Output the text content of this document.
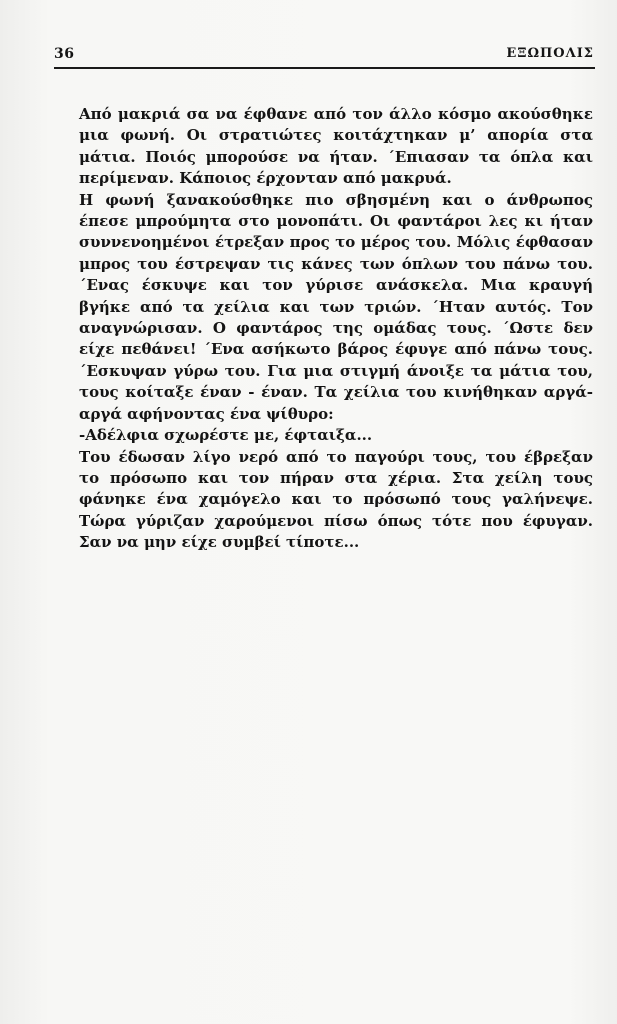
36	ΕΞΩΠΟΛΙΣ

Από μακριά σα να έφθανε από τον άλλο κόσμο ακούσθηκε μια φωνή. Οι στρατιώτες κοιτάχτηκαν μ’ απορία στα μάτια. Ποιός μπορούσε να ήταν. ΄Επιασαν τα όπλα και περίμεναν. Κάποιος έρχονταν από μακρυά.

Η φωνή ξανακούσθηκε πιο σβησμένη και ο άνθρωπος έπεσε μπρούμητα στο μονοπάτι. Οι φαντάροι λες κι ήταν συννενοημένοι έτρεξαν προς το μέρος του. Μόλις έφθασαν μπρος του έστρεψαν τις κάνες των όπλων του πάνω του. ΄Ενας έσκυψε και τον γύρισε ανάσκελα. Μια κραυγή βγήκε από τα χείλια και των τριών. ΄Ηταν αυτός. Τον αναγνώρισαν. Ο φαντάρος της ομάδας τους. ΄Ωστε δεν είχε πεθάνει! ΄Ενα ασήκωτο βάρος έφυγε από πάνω τους. ΄Εσκυψαν γύρω του. Για μια στιγμή άνοιξε τα μάτια του, τους κοίταξε έναν - έναν. Τα χείλια του κινήθηκαν αργά-αργά αφήνοντας ένα ψίθυρο:

-Αδέλφια σχωρέστε με, έφταιξα...

Του έδωσαν λίγο νερό από το παγούρι τους, του έβρεξαν το πρόσωπο και τον πήραν στα χέρια. Στα χείλη τους φάνηκε ένα χαμόγελο και το πρόσωπό τους γαλήνεψε. Τώρα γύριζαν χαρούμενοι πίσω όπως τότε που έφυγαν. Σαν να μην είχε συμβεί τίποτε...
